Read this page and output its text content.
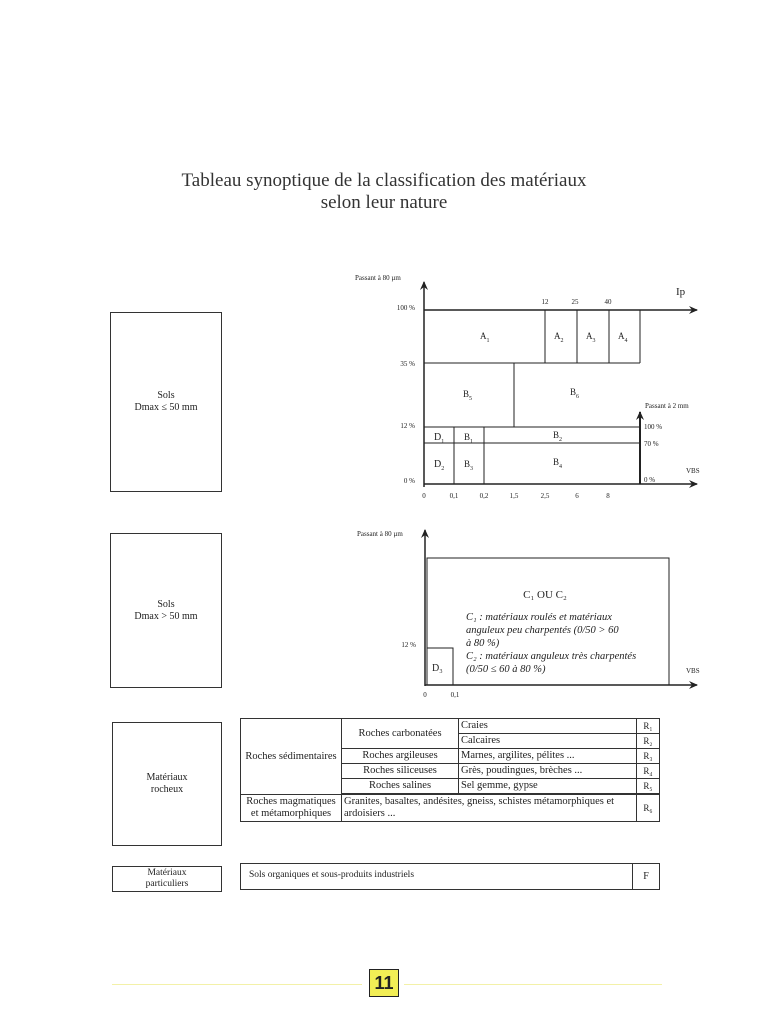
Tableau synoptique de la classification des matériaux
selon leur nature
Sols
Dmax ≤ 50 mm
Sols
Dmax > 50 mm
Matériaux
rocheux
Matériaux
particuliers
Passant à 80 µm
Ip
Passant à 2 mm
VBS
100 %
35 %
12 %
0 %
100 %
70 %
0 %
12	25	40
0	0,1	0,2	1,5	2,5	6	8
$A_1$	$A_2$	$A_3$	$A_4$
$B_5$
$B_6$
$D_1$ $B_1$
$B_2$
$D_2$ $B_3$
$B_4$
Passant à 80 µm
12 %
VBS
0	0,1
C₁ OU C₂
D₃
C₁ : matériaux roulés et matériaux
anguleux peu charpentés (0/50 > 60
à 80 %)
C₂ : matériaux anguleux très charpentés
(0/50 ≤ 60 à 80 %)
Roches sédimentaires	Roches carbonatées	Craies	R₁
		Calcaires	R₂
	Roches argileuses	Marnes, argilites, pélites ...	R₃
	Roches siliceuses	Grès, poudingues, brèches ...	R₄
	Roches salines	Sel gemme, gypse	R₅

Roches magmatiques et métamorphiques	Granites, basaltes, andésites, gneiss, schistes métamorphiques et ardoisiers ...		R₆
Sols organiques et sous-produits industriels	F
11
